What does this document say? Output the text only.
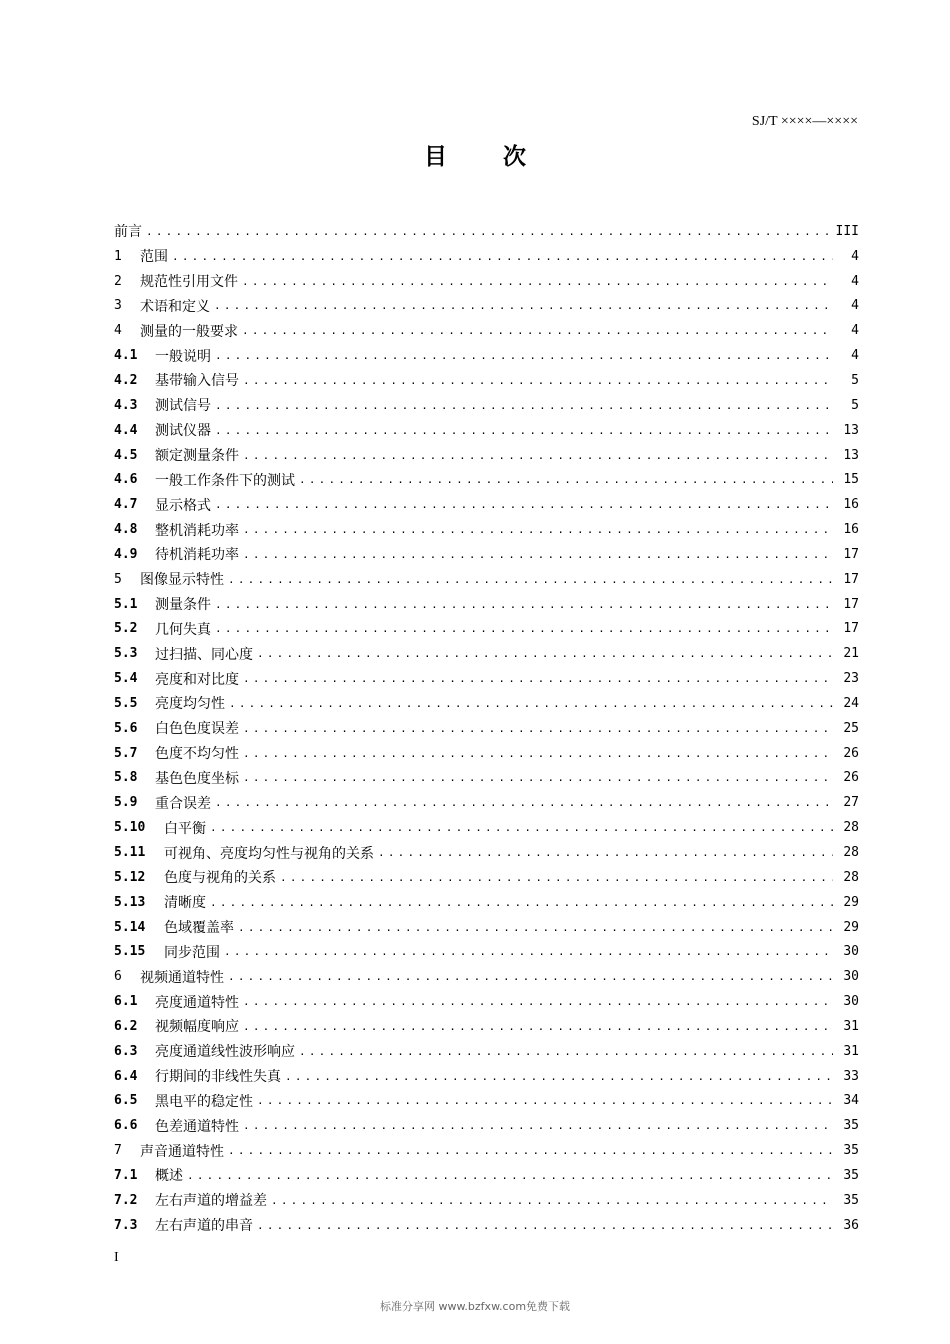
SJ/T ××××—××××
目次
前言 .....	III
1	范围 .....	4
2	规范性引用文件 .....	4
3	术语和定义 .....	4
4	测量的一般要求 .....	4
4.1	一般说明 .....	4
4.2	基带输入信号 .....	5
4.3	测试信号 .....	5
4.4	测试仪器 .....	13
4.5	额定测量条件 .....	13
4.6	一般工作条件下的测试 .....	15
4.7	显示格式 .....	16
4.8	整机消耗功率 .....	16
4.9	待机消耗功率 .....	17
5	图像显示特性 .....	17
5.1	测量条件 .....	17
5.2	几何失真 .....	17
5.3	过扫描、同心度 .....	21
5.4	亮度和对比度 .....	23
5.5	亮度均匀性 .....	24
5.6	白色色度误差 .....	25
5.7	色度不均匀性 .....	26
5.8	基色色度坐标 .....	26
5.9	重合误差 .....	27
5.10	白平衡 .....	28
5.11	可视角、亮度均匀性与视角的关系 .....	28
5.12	色度与视角的关系 .....	28
5.13	清晰度 .....	29
5.14	色域覆盖率 .....	29
5.15	同步范围 .....	30
6	视频通道特性 .....	30
6.1	亮度通道特性 .....	30
6.2	视频幅度响应 .....	31
6.3	亮度通道线性波形响应 .....	31
6.4	行期间的非线性失真 .....	33
6.5	黑电平的稳定性 .....	34
6.6	色差通道特性 .....	35
7	声音通道特性 .....	35
7.1	概述 .....	35
7.2	左右声道的增益差 .....	35
7.3	左右声道的串音 .....	36
I
标准分享网 www.bzfxw.com免费下载
